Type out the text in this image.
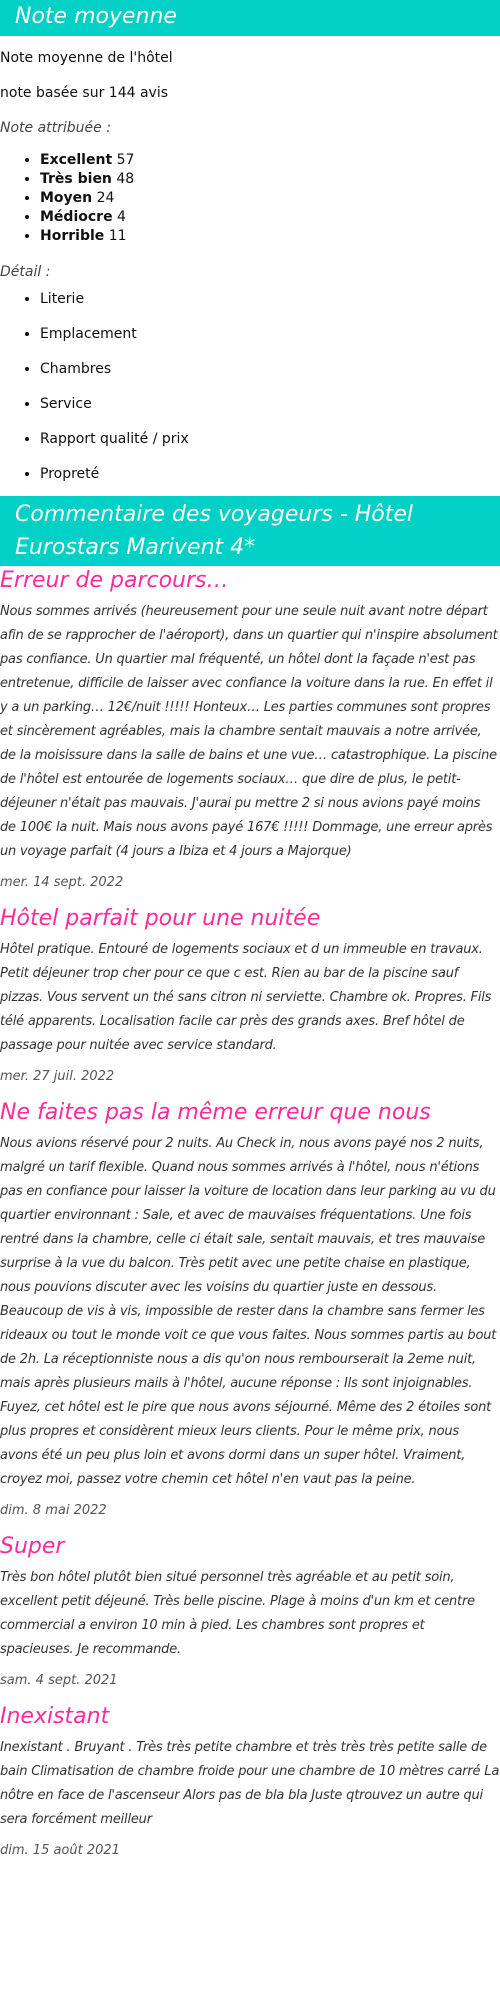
Note moyenne

Note moyenne de l'hôtel

note basée sur 144 avis

Note attribuée :

• Excellent 57
• Très bien 48
• Moyen 24
• Médiocre 4
• Horrible 11

Détail :

• Literie
• Emplacement
• Chambres
• Service
• Rapport qualité / prix
• Propreté
Commentaire des voyageurs - Hôtel Eurostars Marivent 4*
Erreur de parcours…
Nous sommes arrivés (heureusement pour une seule nuit avant notre départ afin de se rapprocher de l'aéroport), dans un quartier qui n'inspire absolument pas confiance. Un quartier mal fréquenté, un hôtel dont la façade n'est pas entretenue, difficile de laisser avec confiance la voiture dans la rue. En effet il y a un parking… 12€/nuit !!!!! Honteux… Les parties communes sont propres et sincèrement agréables, mais la chambre sentait mauvais a notre arrivée, de la moisissure dans la salle de bains et une vue… catastrophique. La piscine de l'hôtel est entourée de logements sociaux… que dire de plus, le petit-déjeuner n'était pas mauvais. J'aurai pu mettre 2 si nous avions payé moins de 100€ la nuit. Mais nous avons payé 167€ !!!!! Dommage, une erreur après un voyage parfait (4 jours a Ibiza et 4 jours a Majorque)
mer. 14 sept. 2022
Hôtel parfait pour une nuitée
Hôtel pratique. Entouré de logements sociaux et d un immeuble en travaux. Petit déjeuner trop cher pour ce que c est. Rien au bar de la piscine sauf pizzas. Vous servent un thé sans citron ni serviette. Chambre ok. Propres. Fils télé apparents. Localisation facile car près des grands axes. Bref hôtel de passage pour nuitée avec service standard.
mer. 27 juil. 2022
Ne faites pas la même erreur que nous
Nous avions réservé pour 2 nuits. Au Check in, nous avons payé nos 2 nuits, malgré un tarif flexible. Quand nous sommes arrivés à l'hôtel, nous n'étions pas en confiance pour laisser la voiture de location dans leur parking au vu du quartier environnant : Sale, et avec de mauvaises fréquentations. Une fois rentré dans la chambre, celle ci était sale, sentait mauvais, et tres mauvaise surprise à la vue du balcon. Très petit avec une petite chaise en plastique, nous pouvions discuter avec les voisins du quartier juste en dessous. Beaucoup de vis à vis, impossible de rester dans la chambre sans fermer les rideaux ou tout le monde voit ce que vous faites. Nous sommes partis au bout de 2h. La réceptionniste nous a dis qu'on nous rembourserait la 2eme nuit, mais après plusieurs mails à l'hôtel, aucune réponse : Ils sont injoignables. Fuyez, cet hôtel est le pire que nous avons séjourné. Même des 2 étoiles sont plus propres et considèrent mieux leurs clients. Pour le même prix, nous avons été un peu plus loin et avons dormi dans un super hôtel. Vraiment, croyez moi, passez votre chemin cet hôtel n'en vaut pas la peine.
dim. 8 mai 2022
Super
Très bon hôtel plutôt bien situé personnel très agréable et au petit soin, excellent petit déjeuné. Très belle piscine. Plage à moins d'un km et centre commercial a environ 10 min à pied. Les chambres sont propres et spacieuses. Je recommande.
sam. 4 sept. 2021
Inexistant
Inexistant . Bruyant . Très très petite chambre et très très très petite salle de bain Climatisation de chambre froide pour une chambre de 10 mètres carré La nôtre en face de l'ascenseur Alors pas de bla bla Juste qtrouvez un autre qui sera forcément meilleur
dim. 15 août 2021
